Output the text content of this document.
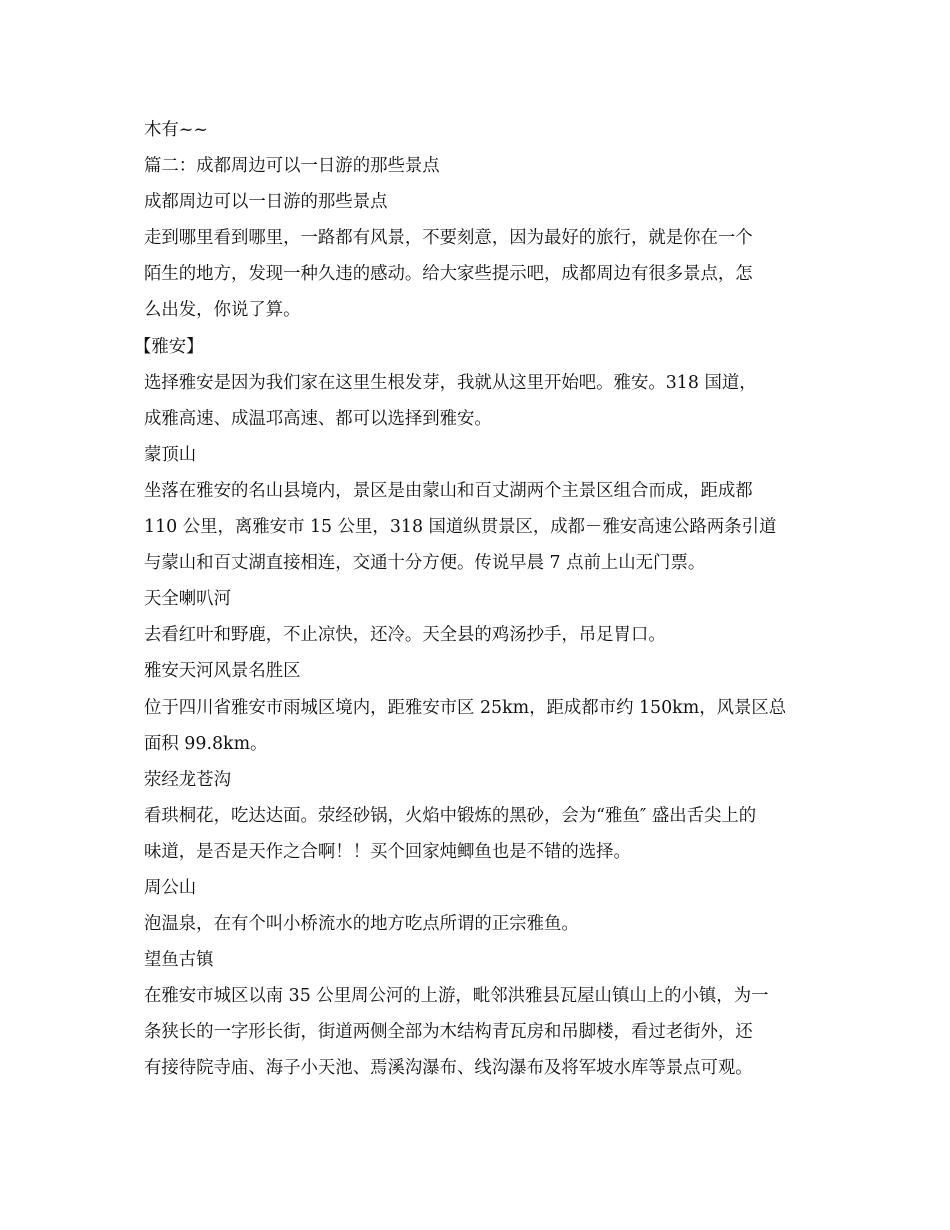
木有~~

篇二：成都周边可以一日游的那些景点

成都周边可以一日游的那些景点

走到哪里看到哪里，一路都有风景，不要刻意，因为最好的旅行，就是你在一个

陌生的地方，发现一种久违的感动。给大家些提示吧，成都周边有很多景点，怎

么出发，你说了算。

【雅安】

选择雅安是因为我们家在这里生根发芽，我就从这里开始吧。雅安。318 国道，

成雅高速、成温邛高速、都可以选择到雅安。

蒙顶山

坐落在雅安的名山县境内，景区是由蒙山和百丈湖两个主景区组合而成，距成都

110 公里，离雅安市 15 公里，318 国道纵贯景区，成都－雅安高速公路两条引道

与蒙山和百丈湖直接相连，交通十分方便。传说早晨 7 点前上山无门票。

天全喇叭河

去看红叶和野鹿，不止凉快，还冷。天全县的鸡汤抄手，吊足胃口。

雅安天河风景名胜区

位于四川省雅安市雨城区境内，距雅安市区 25km，距成都市约 150km，风景区总

面积 99.8km。

荥经龙苍沟

看珙桐花，吃达达面。荥经砂锅，火焰中锻炼的黑砂，会为“雅鱼″ 盛出舌尖上的

味道，是否是天作之合啊！！买个回家炖鲫鱼也是不错的选择。

周公山

泡温泉，在有个叫小桥流水的地方吃点所谓的正宗雅鱼。

望鱼古镇

在雅安市城区以南 35 公里周公河的上游，毗邻洪雅县瓦屋山镇山上的小镇，为一

条狭长的一字形长街，街道两侧全部为木结构青瓦房和吊脚楼，看过老街外，还

有接待院寺庙、海子小天池、焉溪沟瀑布、线沟瀑布及将军坡水库等景点可观。
